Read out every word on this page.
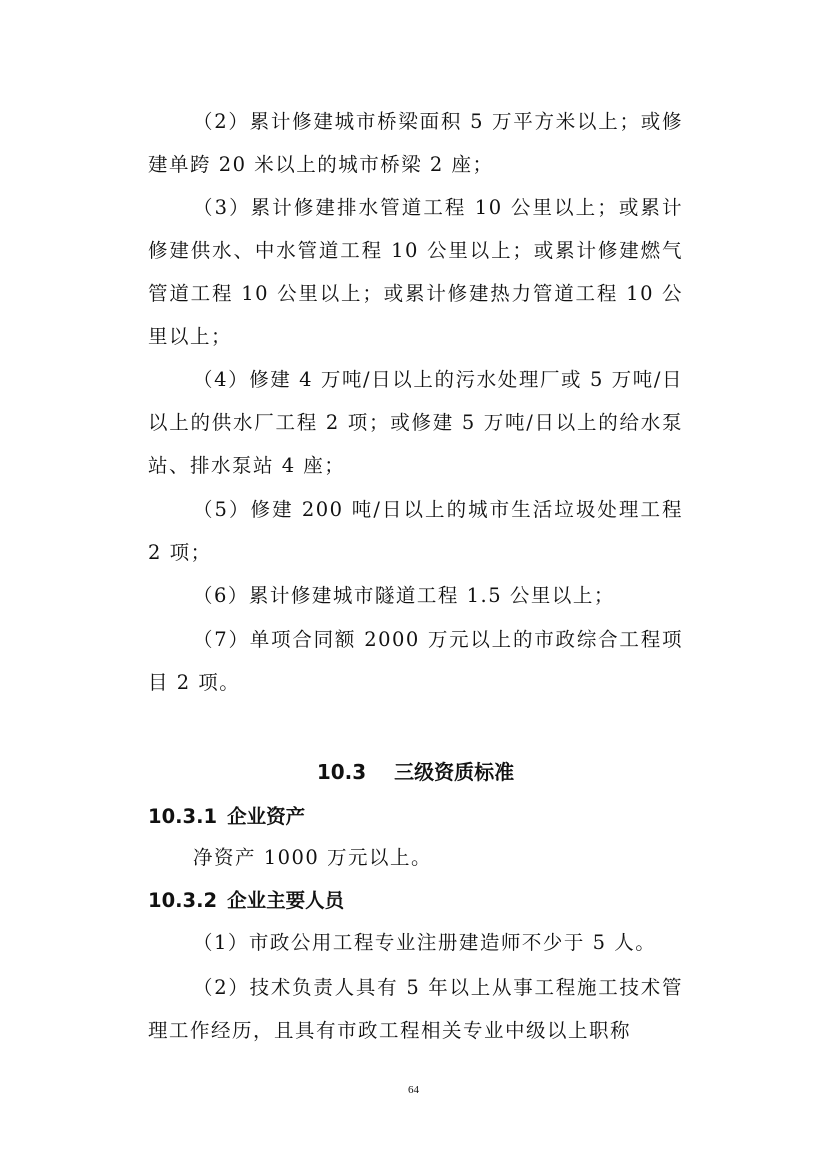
（2）累计修建城市桥梁面积 5 万平方米以上；或修建单跨 20 米以上的城市桥梁 2 座；

（3）累计修建排水管道工程 10 公里以上；或累计修建供水、中水管道工程 10 公里以上；或累计修建燃气管道工程 10 公里以上；或累计修建热力管道工程 10 公里以上；

（4）修建 4 万吨/日以上的污水处理厂或 5 万吨/日以上的供水厂工程 2 项；或修建 5 万吨/日以上的给水泵站、排水泵站 4 座；

（5）修建 200 吨/日以上的城市生活垃圾处理工程 2 项；

（6）累计修建城市隧道工程 1.5 公里以上；

（7）单项合同额 2000 万元以上的市政综合工程项目 2 项。

10.3 三级资质标准
10.3.1 企业资产

净资产 1000 万元以上。

10.3.2 企业主要人员

（1）市政公用工程专业注册建造师不少于 5 人。

（2）技术负责人具有 5 年以上从事工程施工技术管理工作经历，且具有市政工程相关专业中级以上职称

64
